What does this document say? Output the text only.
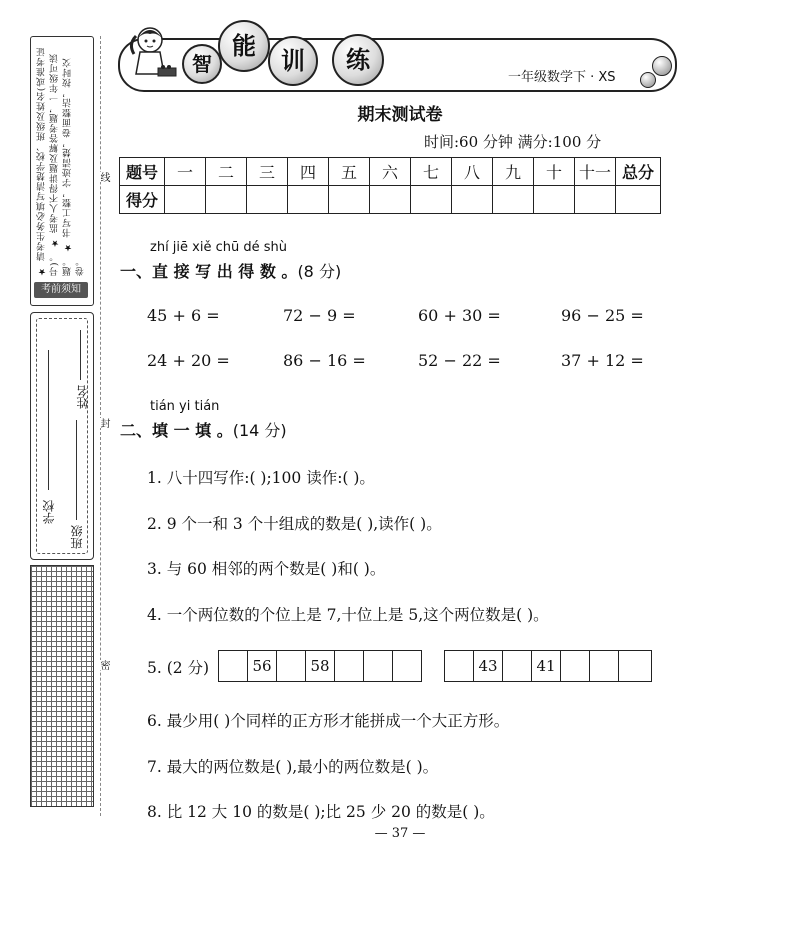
★ 请考生务必填写清楚学校、班级及姓名(或准考证号)。 ★ 监考人不得讲题及解答考题，一年级可读题。 ★ 书写工整，字迹清楚，卷面整洁，按时交卷。
考前须知
学校
班级
姓名
线
封
密
智
能
训	练
一年级数学下 · XS
期末测试卷
时间:60 分钟 满分:100 分
题号	一	二	三	四	五	六	七	八	九	十	十一	总分
得分												
zhí jiē xiě chū dé shù
一、直 接 写 出 得 数 。(8 分)
45 + 6 =	72 − 9 =	60 + 30 =	96 − 25 =
24 + 20 =	86 − 16 =	52 − 22 =	37 + 12 =
tián yi tián
二、填 一 填 。(14 分)
1. 八十四写作:( );100 读作:( )。
2. 9 个一和 3 个十组成的数是( ),读作( )。
3. 与 60 相邻的两个数是( )和( )。
4. 一个两位数的个位上是 7,十位上是 5,这个两位数是( )。
5. (2 分)	56	58	43	41
6. 最少用( )个同样的正方形才能拼成一个大正方形。
7. 最大的两位数是( ),最小的两位数是( )。
8. 比 12 大 10 的数是( );比 25 少 20 的数是( )。
— 37 —
